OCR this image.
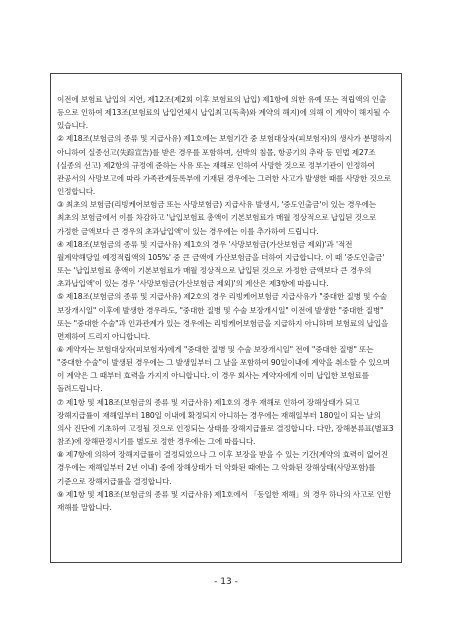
이전에 보험료 납입의 지연, 제12조(제2회 이후 보험료의 납입) 제1항에 의한 유예 또는 적립액의 인출 등으로 인하여 제13조(보험료의 납입연체시 납입최고(독촉)와 계약의 해지)에 의해 이 계약이 해지될 수 있습니다.

② 제18조(보험금의 종류 및 지급사유) 제1호에는 보험기간 중 보험대상자(피보험자)의 생사가 분명하지 아니하여 실종선고(失踪宣告)를 받은 경우를 포함하며, 선박의 침몰, 항공기의 추락 등 민법 제27조(실종의 선고) 제2항의 규정에 준하는 사유 또는 재해로 인하여 사망한 것으로 정부기관이 인정하여 관공서의 사망보고에 따라 가족관계등록부에 기재된 경우에는 그러한 사고가 발생한 때를 사망한 것으로 인정합니다.

③ 최초의 보험금(리빙케어보험금 또는 사망보험금) 지급사유 발생시, '중도인출금'이 있는 경우에는 최초의 보험금에서 이를 차감하고 '납입보험료 총액이 기본보험료가 매월 정상적으로 납입된 것으로 가정한 금액보다 큰 경우의 초과납입액'이 있는 경우에는 이를 추가하여 드립니다.

④ 제18조(보험금의 종류 및 지급사유) 제1호의 경우 '사망보험금(가산보험금 제외)'과 '적전 월계약해당일 예정적립액의 105%' 중 큰 금액에 가산보험금을 더하여 지급합니다. 이 때 '중도인출금' 또는 '납입보험료 총액이 기본보험료가 매월 정상적으로 납입된 것으로 가정한 금액보다 큰 경우의 초과납입액'이 있는 경우 '사망보험금(가산보험금 제외)'의 계산은 제3항에 따릅니다.

⑤ 제18조(보험금의 종류 및 지급사유) 제2호의 경우 리빙케어보험금 지급사유가 "중대한 질병 및 수술 보장개시일" 이후에 발생한 경우라도, "중대한 질병 및 수술 보장개시일" 이전에 발생한 "중대한 질병" 또는 "중대한 수술"과 인과관계가 있는 경우에는 리빙케어보험금을 지급하지 아니하며 보험료의 납입을 면제하여 드리지 아니합니다.

⑥ 계약자는 보험대상자(피보험자)에게 "중대한 질병 및 수술 보장개시일" 전에 "중대한 질병" 또는 "중대한 수술"이 발생된 경우에는 그 발생일부터 그 날을 포함하여 90일이내에 계약을 취소할 수 있으며 이 계약은 그 때부터 효력을 가지지 아니합니다. 이 경우 회사는 계약자에게 이미 납입한 보험료를 돌려드립니다.

⑦ 제1항 및 제18조(보험금의 종류 및 지급사유) 제1호의 경우 재해로 인하여 장해상태가 되고 장해지급률이 재해일부터 180일 이내에 확정되지 아니하는 경우에는 재해일부터 180일이 되는 날의 의사 진단에 기초하여 고정될 것으로 인정되는 상태를 장해지급률로 결정합니다. 다만, 장해분류표(별표3 참조)에 장해판정시기를 별도로 정한 경우에는 그에 따릅니다.

⑧ 제7항에 의하여 장해지급률이 결정되었으나 그 이후 보장을 받을 수 있는 기간(계약의 효력이 없어진 경우에는 재해일부터 2년 이내) 중에 장해상태가 더 악화된 때에는 그 악화된 장해상태(사망포함)를 기준으로 장해지급률을 결정합니다.

⑨ 제1항 및 제18조(보험금의 종류 및 지급사유) 제1호에서 「동일한 재해」의 경우 하나의 사고로 인한 재해를 말합니다.

- 13 -
